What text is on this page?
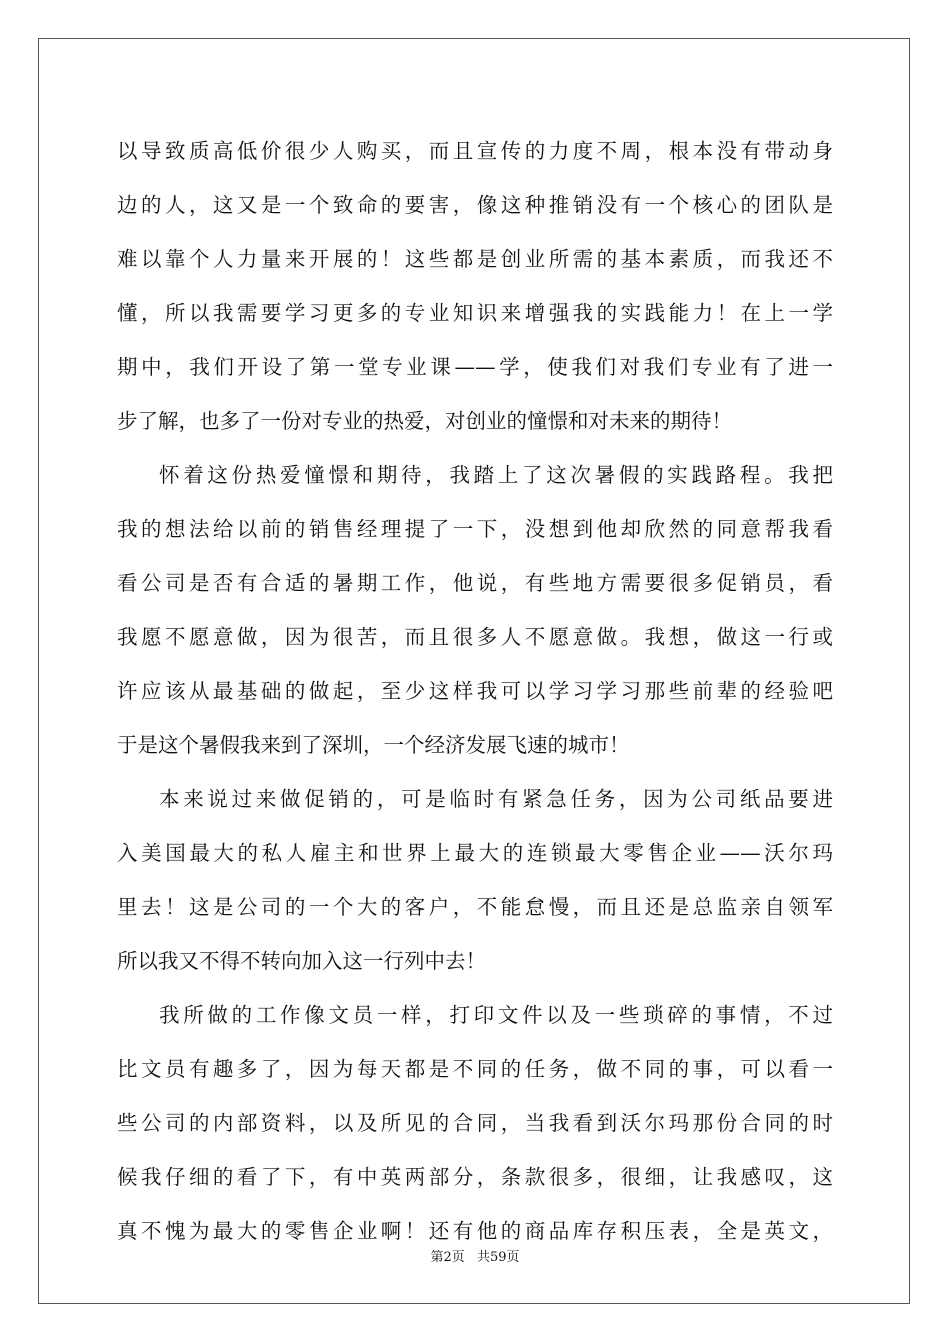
以导致质高低价很少人购买，而且宣传的力度不周，根本没有带动身
边的人，这又是一个致命的要害，像这种推销没有一个核心的团队是
难以靠个人力量来开展的！这些都是创业所需的基本素质，而我还不
懂，所以我需要学习更多的专业知识来增强我的实践能力！在上一学
期中，我们开设了第一堂专业课——学，使我们对我们专业有了进一
步了解，也多了一份对专业的热爱，对创业的憧憬和对未来的期待！
怀着这份热爱憧憬和期待，我踏上了这次暑假的实践路程。我把
我的想法给以前的销售经理提了一下，没想到他却欣然的同意帮我看
看公司是否有合适的暑期工作，他说，有些地方需要很多促销员，看
我愿不愿意做，因为很苦，而且很多人不愿意做。我想，做这一行或
许应该从最基础的做起，至少这样我可以学习学习那些前辈的经验吧
于是这个暑假我来到了深圳，一个经济发展飞速的城市！
本来说过来做促销的，可是临时有紧急任务，因为公司纸品要进
入美国最大的私人雇主和世界上最大的连锁最大零售企业——沃尔玛
里去！这是公司的一个大的客户，不能怠慢，而且还是总监亲自领军
所以我又不得不转向加入这一行列中去！
我所做的工作像文员一样，打印文件以及一些琐碎的事情，不过
比文员有趣多了，因为每天都是不同的任务，做不同的事，可以看一
些公司的内部资料，以及所见的合同，当我看到沃尔玛那份合同的时
候我仔细的看了下，有中英两部分，条款很多，很细，让我感叹，这
真不愧为最大的零售企业啊！还有他的商品库存积压表，全是英文，
第2页 共59页
